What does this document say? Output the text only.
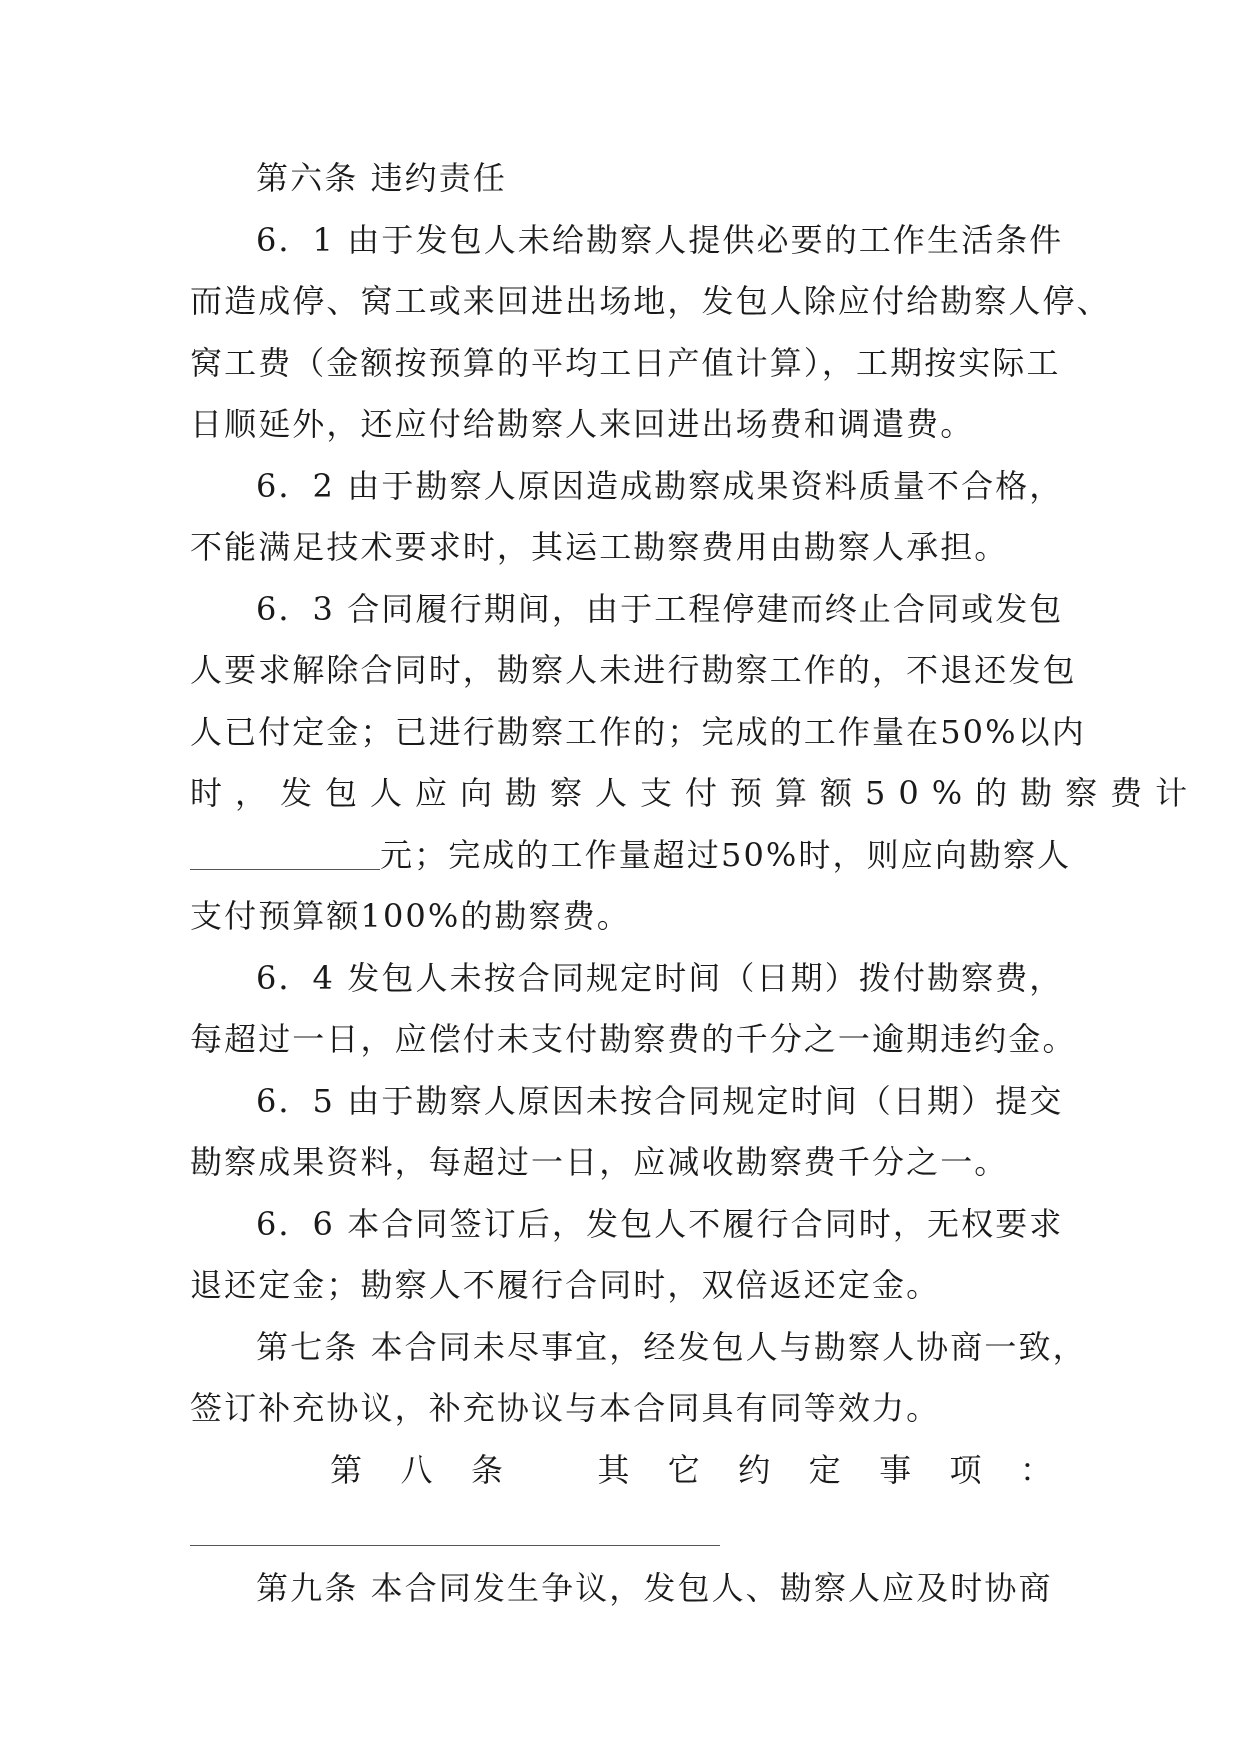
第六条 违约责任
6．1 由于发包人未给勘察人提供必要的工作生活条件
而造成停、窝工或来回进出场地，发包人除应付给勘察人停、
窝工费（金额按预算的平均工日产值计算），工期按实际工
日顺延外，还应付给勘察人来回进出场费和调遣费。
6．2 由于勘察人原因造成勘察成果资料质量不合格，
不能满足技术要求时，其运工勘察费用由勘察人承担。
6．3 合同履行期间，由于工程停建而终止合同或发包
人要求解除合同时，勘察人未进行勘察工作的，不退还发包
人已付定金；已进行勘察工作的；完成的工作量在50%以内
时，发包人应向勘察人支付预算额50%的勘察费计
元；完成的工作量超过50%时，则应向勘察人
支付预算额100%的勘察费。
6．4 发包人未按合同规定时间（日期）拨付勘察费，
每超过一日，应偿付未支付勘察费的千分之一逾期违约金。
6．5 由于勘察人原因未按合同规定时间（日期）提交
勘察成果资料，每超过一日，应减收勘察费千分之一。
6．6 本合同签订后，发包人不履行合同时，无权要求
退还定金；勘察人不履行合同时，双倍返还定金。
第七条 本合同未尽事宜，经发包人与勘察人协商一致，
签订补充协议，补充协议与本合同具有同等效力。
第 八 条	其 它 约 定 事 项 ：
第九条 本合同发生争议，发包人、勘察人应及时协商
